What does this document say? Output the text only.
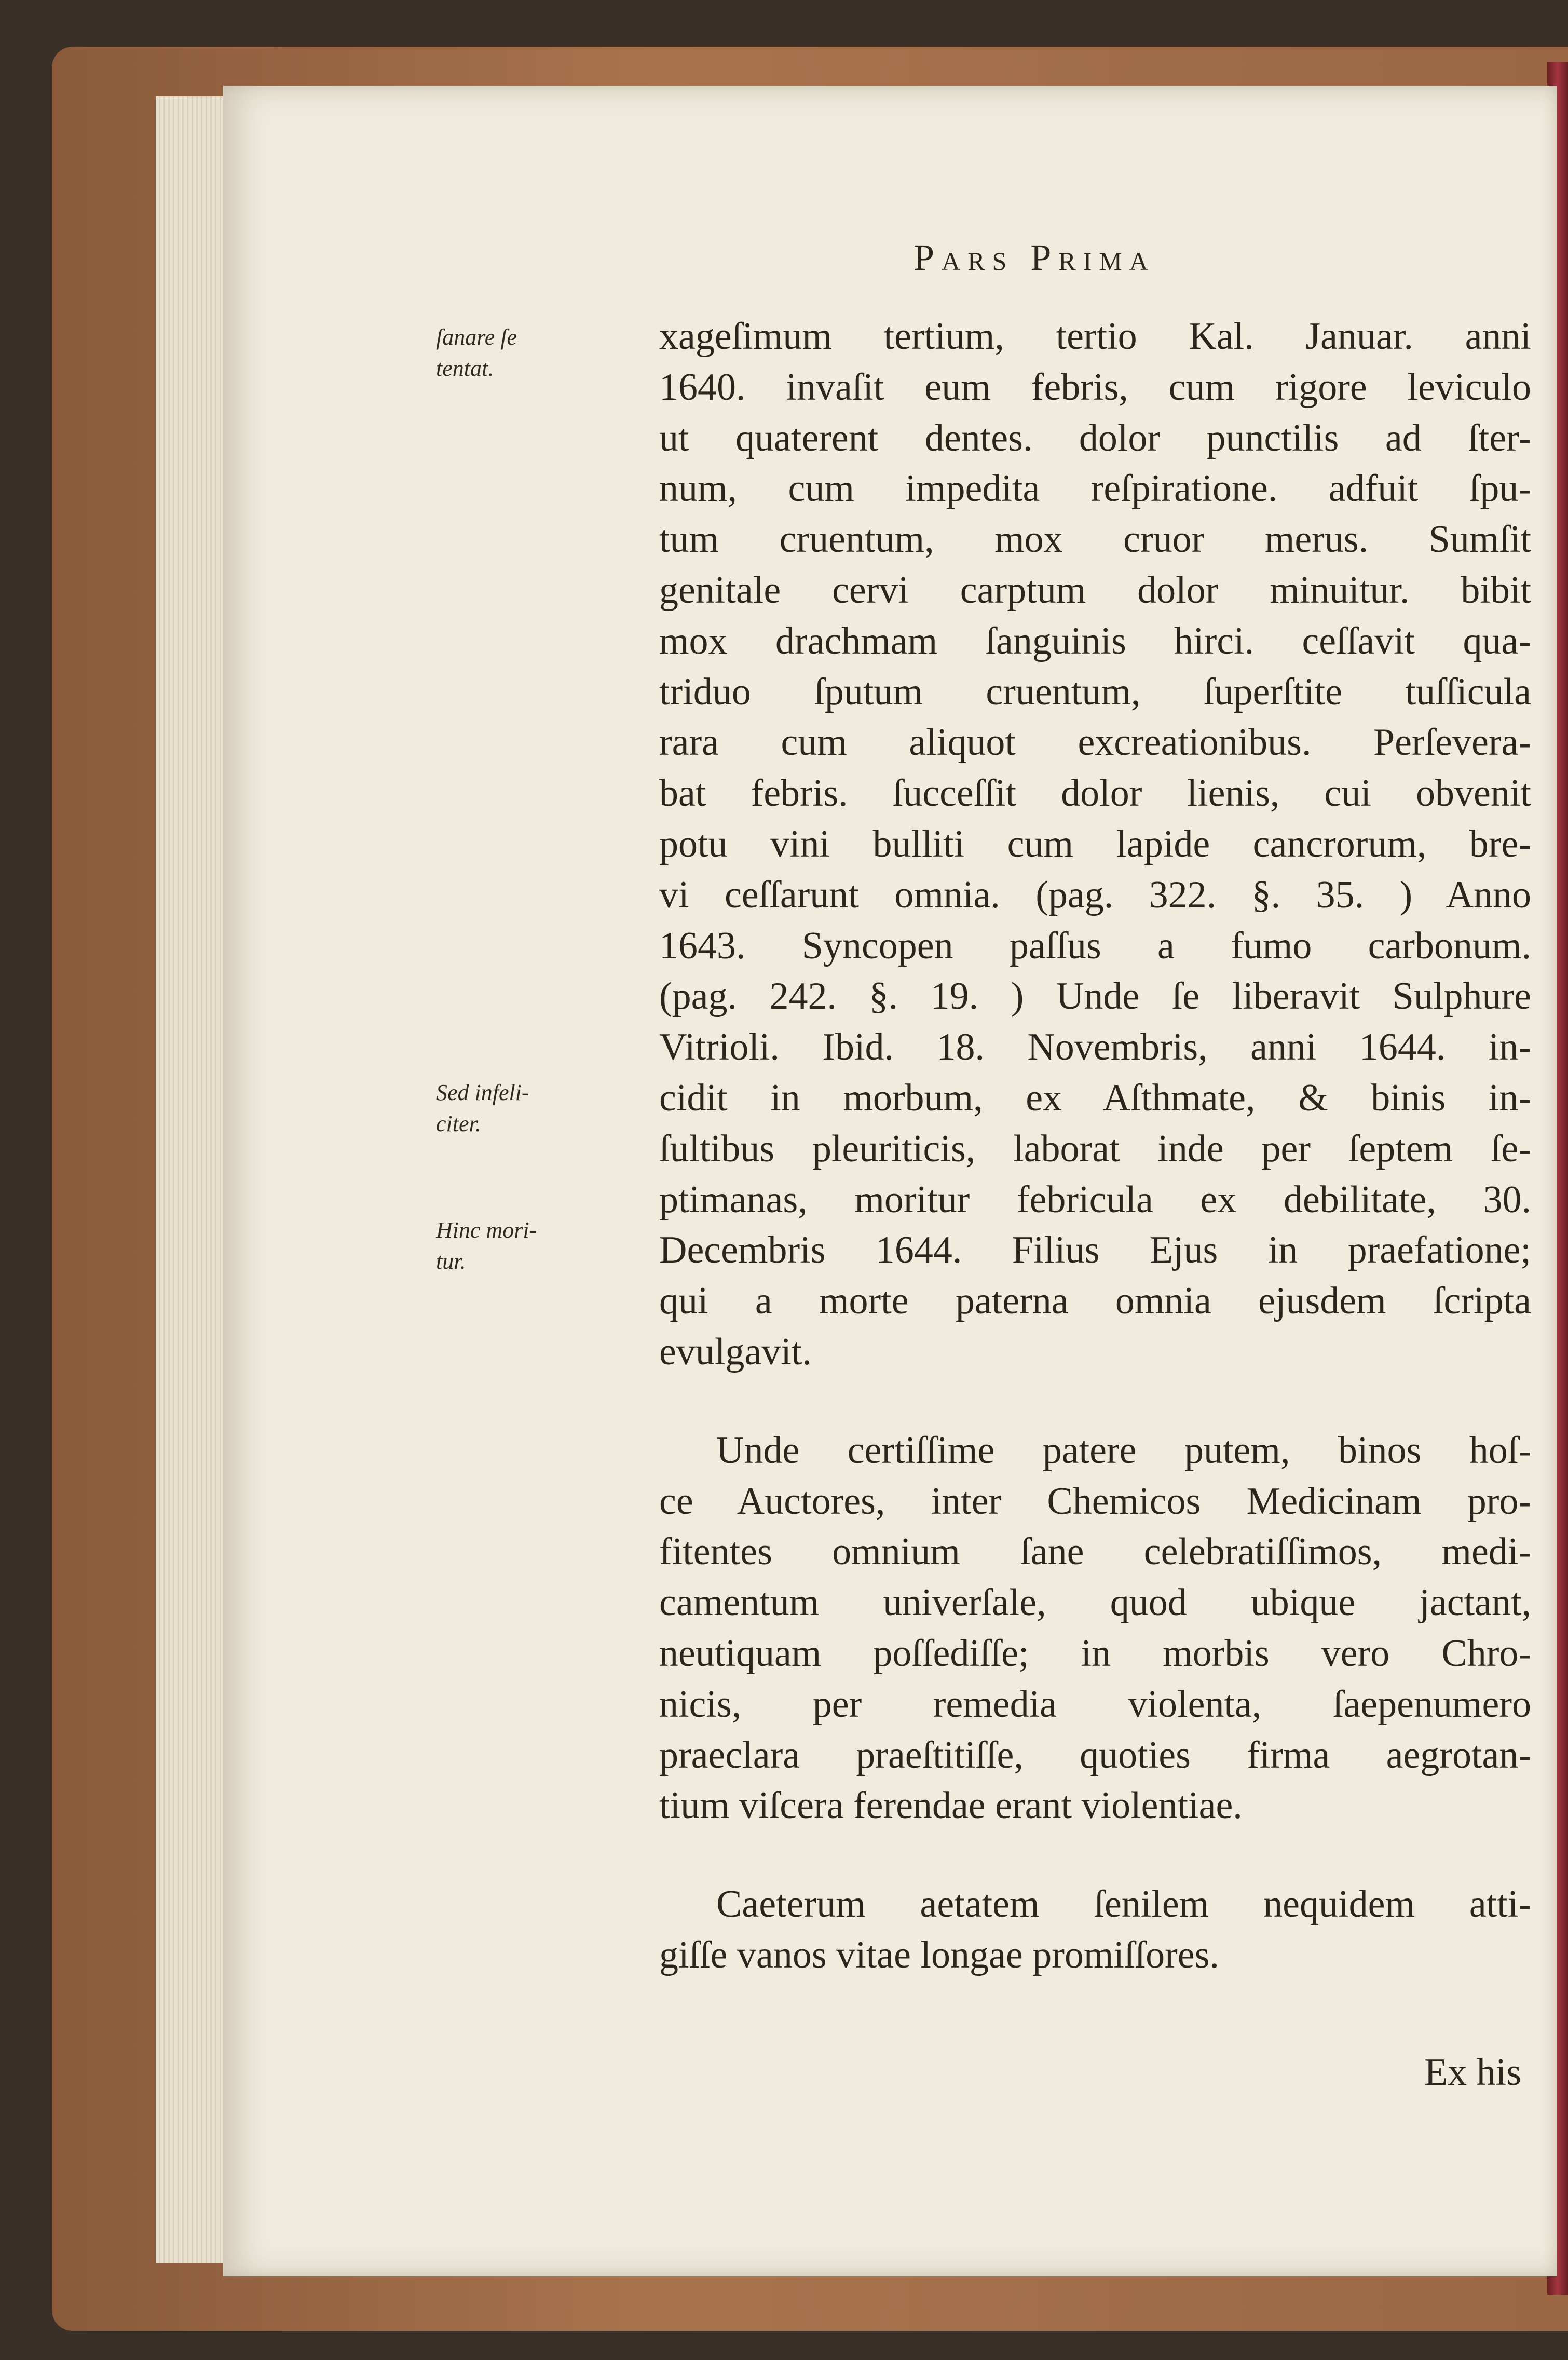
Pars Prima
ſanare ſe
tentat.
Sed infeli-
citer.
Hinc mori-
tur.
xageſimum tertium, tertio Kal. Januar. anni
1640. invaſit eum febris, cum rigore leviculo
ut quaterent dentes. dolor punctilis ad ſter-
num, cum impedita reſpiratione. adfuit ſpu-
tum cruentum, mox cruor merus. Sumſit
genitale cervi carptum dolor minuitur. bibit
mox drachmam ſanguinis hirci. ceſſavit qua-
triduo ſputum cruentum, ſuperſtite tuſſicula
rara cum aliquot excreationibus. Perſevera-
bat febris. ſucceſſit dolor lienis, cui obvenit
potu vini bulliti cum lapide cancrorum, bre-
vi ceſſarunt omnia. (pag. 322. §. 35. ) Anno
1643. Syncopen paſſus a fumo carbonum.
(pag. 242. §. 19. ) Unde ſe liberavit Sulphure
Vitrioli. Ibid. 18. Novembris, anni 1644. in-
cidit in morbum, ex Aſthmate, & binis in-
ſultibus pleuriticis, laborat inde per ſeptem ſe-
ptimanas, moritur febricula ex debilitate, 30.
Decembris 1644. Filius Ejus in praefatione;
qui a morte paterna omnia ejusdem ſcripta
evulgavit.
Unde certiſſime patere putem, binos hoſ-
ce Auctores, inter Chemicos Medicinam pro-
fitentes omnium ſane celebratiſſimos, medi-
camentum univerſale, quod ubique jactant,
neutiquam poſſediſſe; in morbis vero Chro-
nicis, per remedia violenta, ſaepenumero
praeclara praeſtitiſſe, quoties firma aegrotan-
tium viſcera ferendae erant violentiae.
Caeterum aetatem ſenilem nequidem atti-
giſſe vanos vitae longae promiſſores.
Ex his
